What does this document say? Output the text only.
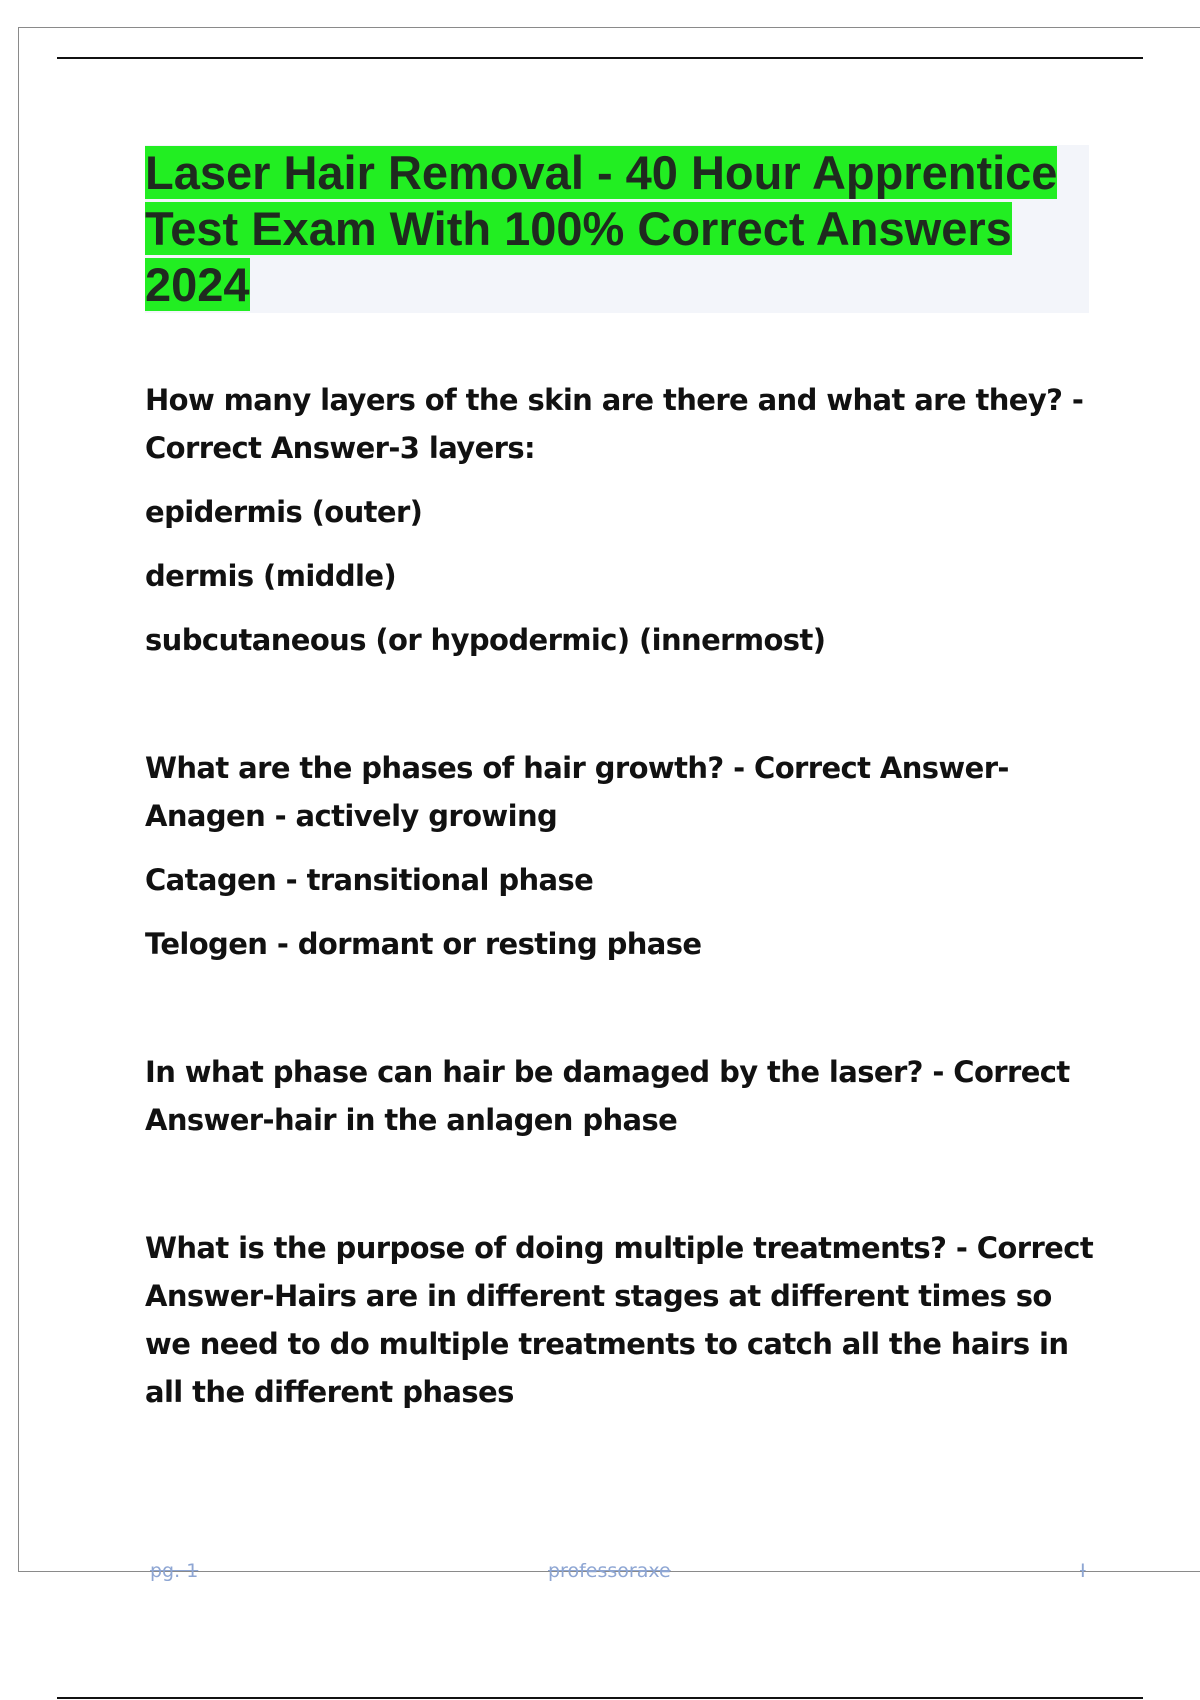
Laser Hair Removal - 40 Hour Apprentice
Test Exam With 100% Correct Answers
2024

How many layers of the skin are there and what are they? - Correct Answer-3 layers:

epidermis (outer)

dermis (middle)

subcutaneous (or hypodermic) (innermost)

What are the phases of hair growth? - Correct Answer-Anagen - actively growing

Catagen - transitional phase

Telogen - dormant or resting phase

In what phase can hair be damaged by the laser? - Correct Answer-hair in the anlagen phase

What is the purpose of doing multiple treatments? - Correct Answer-Hairs are in different stages at different times so we need to do multiple treatments to catch all the hairs in all the different phases

pg. 1	professoraxe	I
